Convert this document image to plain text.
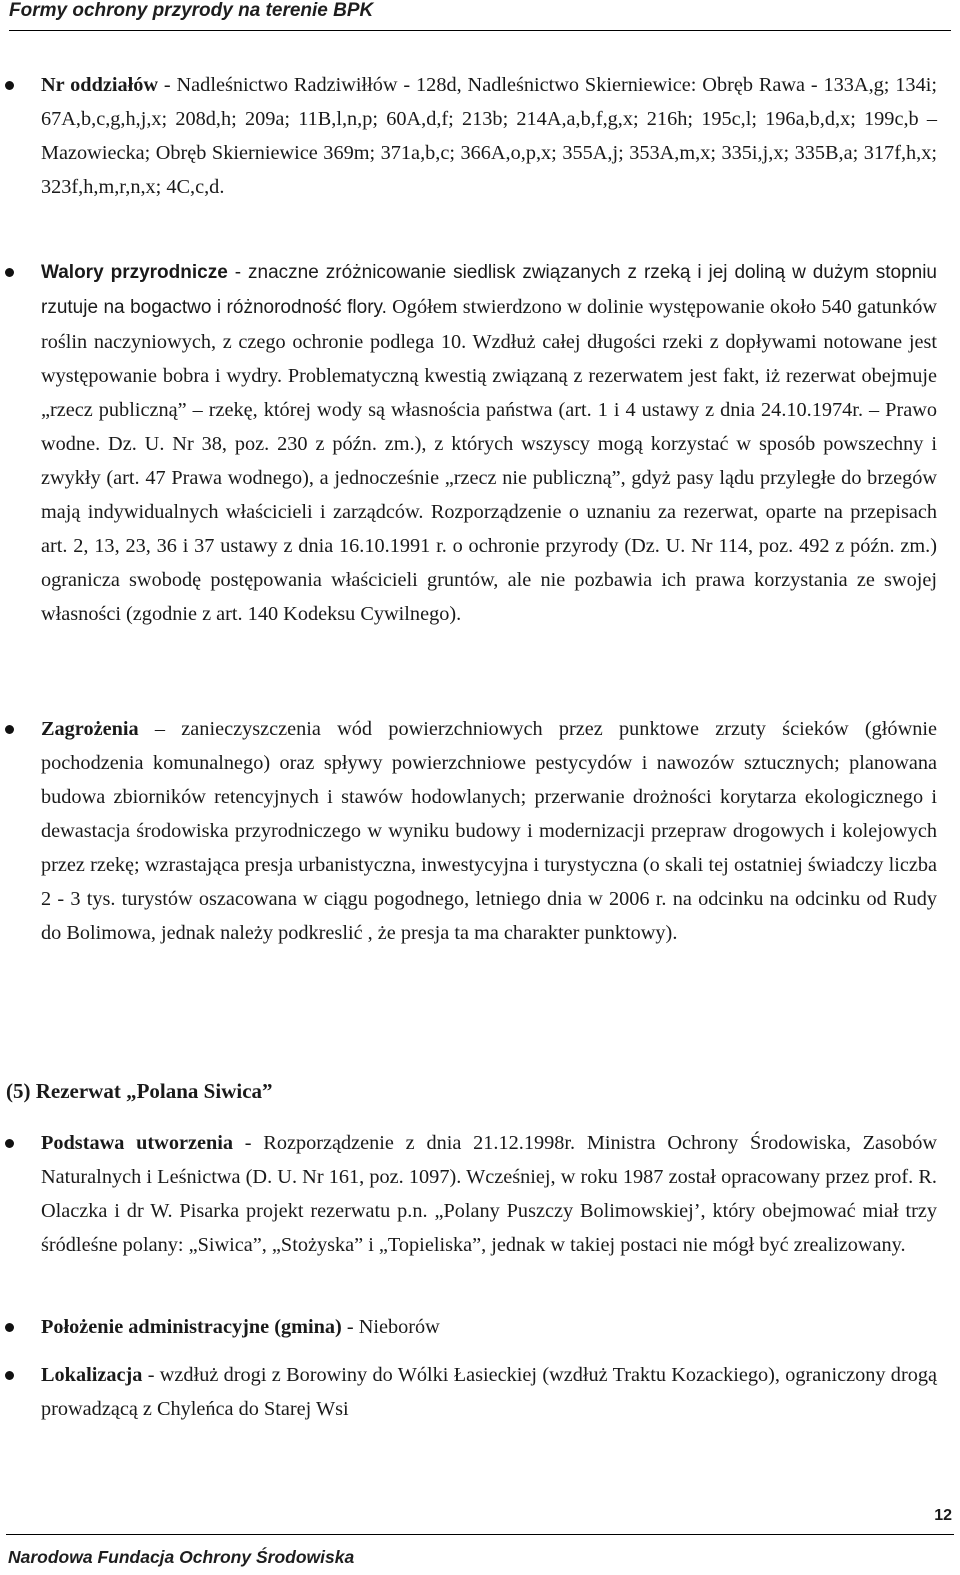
Formy ochrony przyrody na terenie BPK

Nr oddziałów - Nadleśnictwo Radziwiłłów - 128d, Nadleśnictwo Skierniewice: Obręb Rawa - 133A,g; 134i; 67A,b,c,g,h,j,x; 208d,h; 209a; 11B,l,n,p; 60A,d,f; 213b; 214A,a,b,f,g,x; 216h; 195c,l; 196a,b,d,x; 199c,b –Mazowiecka; Obręb Skierniewice 369m; 371a,b,c; 366A,o,p,x; 355A,j; 353A,m,x; 335i,j,x; 335B,a; 317f,h,x; 323f,h,m,r,n,x; 4C,c,d.

Walory przyrodnicze - znaczne zróżnicowanie siedlisk związanych z rzeką i jej doliną w dużym stopniu rzutuje na bogactwo i różnorodność flory. Ogółem stwierdzono w dolinie występowanie około 540 gatunków roślin naczyniowych, z czego ochronie podlega 10. Wzdłuż całej długości rzeki z dopływami notowane jest występowanie bobra i wydry. Problematyczną kwestią związaną z rezerwatem jest fakt, iż rezerwat obejmuje „rzecz publiczną” – rzekę, której wody są własnościa państwa (art. 1 i 4 ustawy z dnia 24.10.1974r. – Prawo wodne. Dz. U. Nr 38, poz. 230 z późn. zm.), z których wszyscy mogą korzystać w sposób powszechny i zwykły (art. 47 Prawa wodnego), a jednocześnie „rzecz nie publiczną”, gdyż pasy lądu przyległe do brzegów mają indywidualnych właścicieli i zarządców. Rozporządzenie o uznaniu za rezerwat, oparte na przepisach art. 2, 13, 23, 36 i 37 ustawy z dnia 16.10.1991 r. o ochronie przyrody (Dz. U. Nr 114, poz. 492 z późn. zm.) ogranicza swobodę postępowania właścicieli gruntów, ale nie pozbawia ich prawa korzystania ze swojej własności (zgodnie z art. 140 Kodeksu Cywilnego).

Zagrożenia – zanieczyszczenia wód powierzchniowych przez punktowe zrzuty ścieków (głównie pochodzenia komunalnego) oraz spływy powierzchniowe pestycydów i nawozów sztucznych; planowana budowa zbiorników retencyjnych i stawów hodowlanych; przerwanie drożności korytarza ekologicznego i dewastacja środowiska przyrodniczego w wyniku budowy i modernizacji przepraw drogowych i kolejowych przez rzekę; wzrastająca presja urbanistyczna, inwestycyjna i turystyczna (o skali tej ostatniej świadczy liczba 2 - 3 tys. turystów oszacowana w ciągu pogodnego, letniego dnia w 2006 r. na odcinku na odcinku od Rudy do Bolimowa, jednak należy podkreslić , że presja ta ma charakter punktowy).

(5) Rezerwat „Polana Siwica”

Podstawa utworzenia - Rozporządzenie z dnia 21.12.1998r. Ministra Ochrony Środowiska, Zasobów Naturalnych i Leśnictwa (D. U. Nr 161, poz. 1097). Wcześniej, w roku 1987 został opracowany przez prof. R. Olaczka i dr W. Pisarka projekt rezerwatu p.n. „Polany Puszczy Bolimowskiej’, który obejmować miał trzy śródleśne polany: „Siwica”, „Stożyska” i „Topieliska”, jednak w takiej postaci nie mógł być zrealizowany.

Położenie administracyjne (gmina) - Nieborów

Lokalizacja - wzdłuż drogi z Borowiny do Wólki Łasieckiej (wzdłuż Traktu Kozackiego), ograniczony drogą prowadzącą z Chyleńca do Starej Wsi

12
Narodowa Fundacja Ochrony Środowiska
